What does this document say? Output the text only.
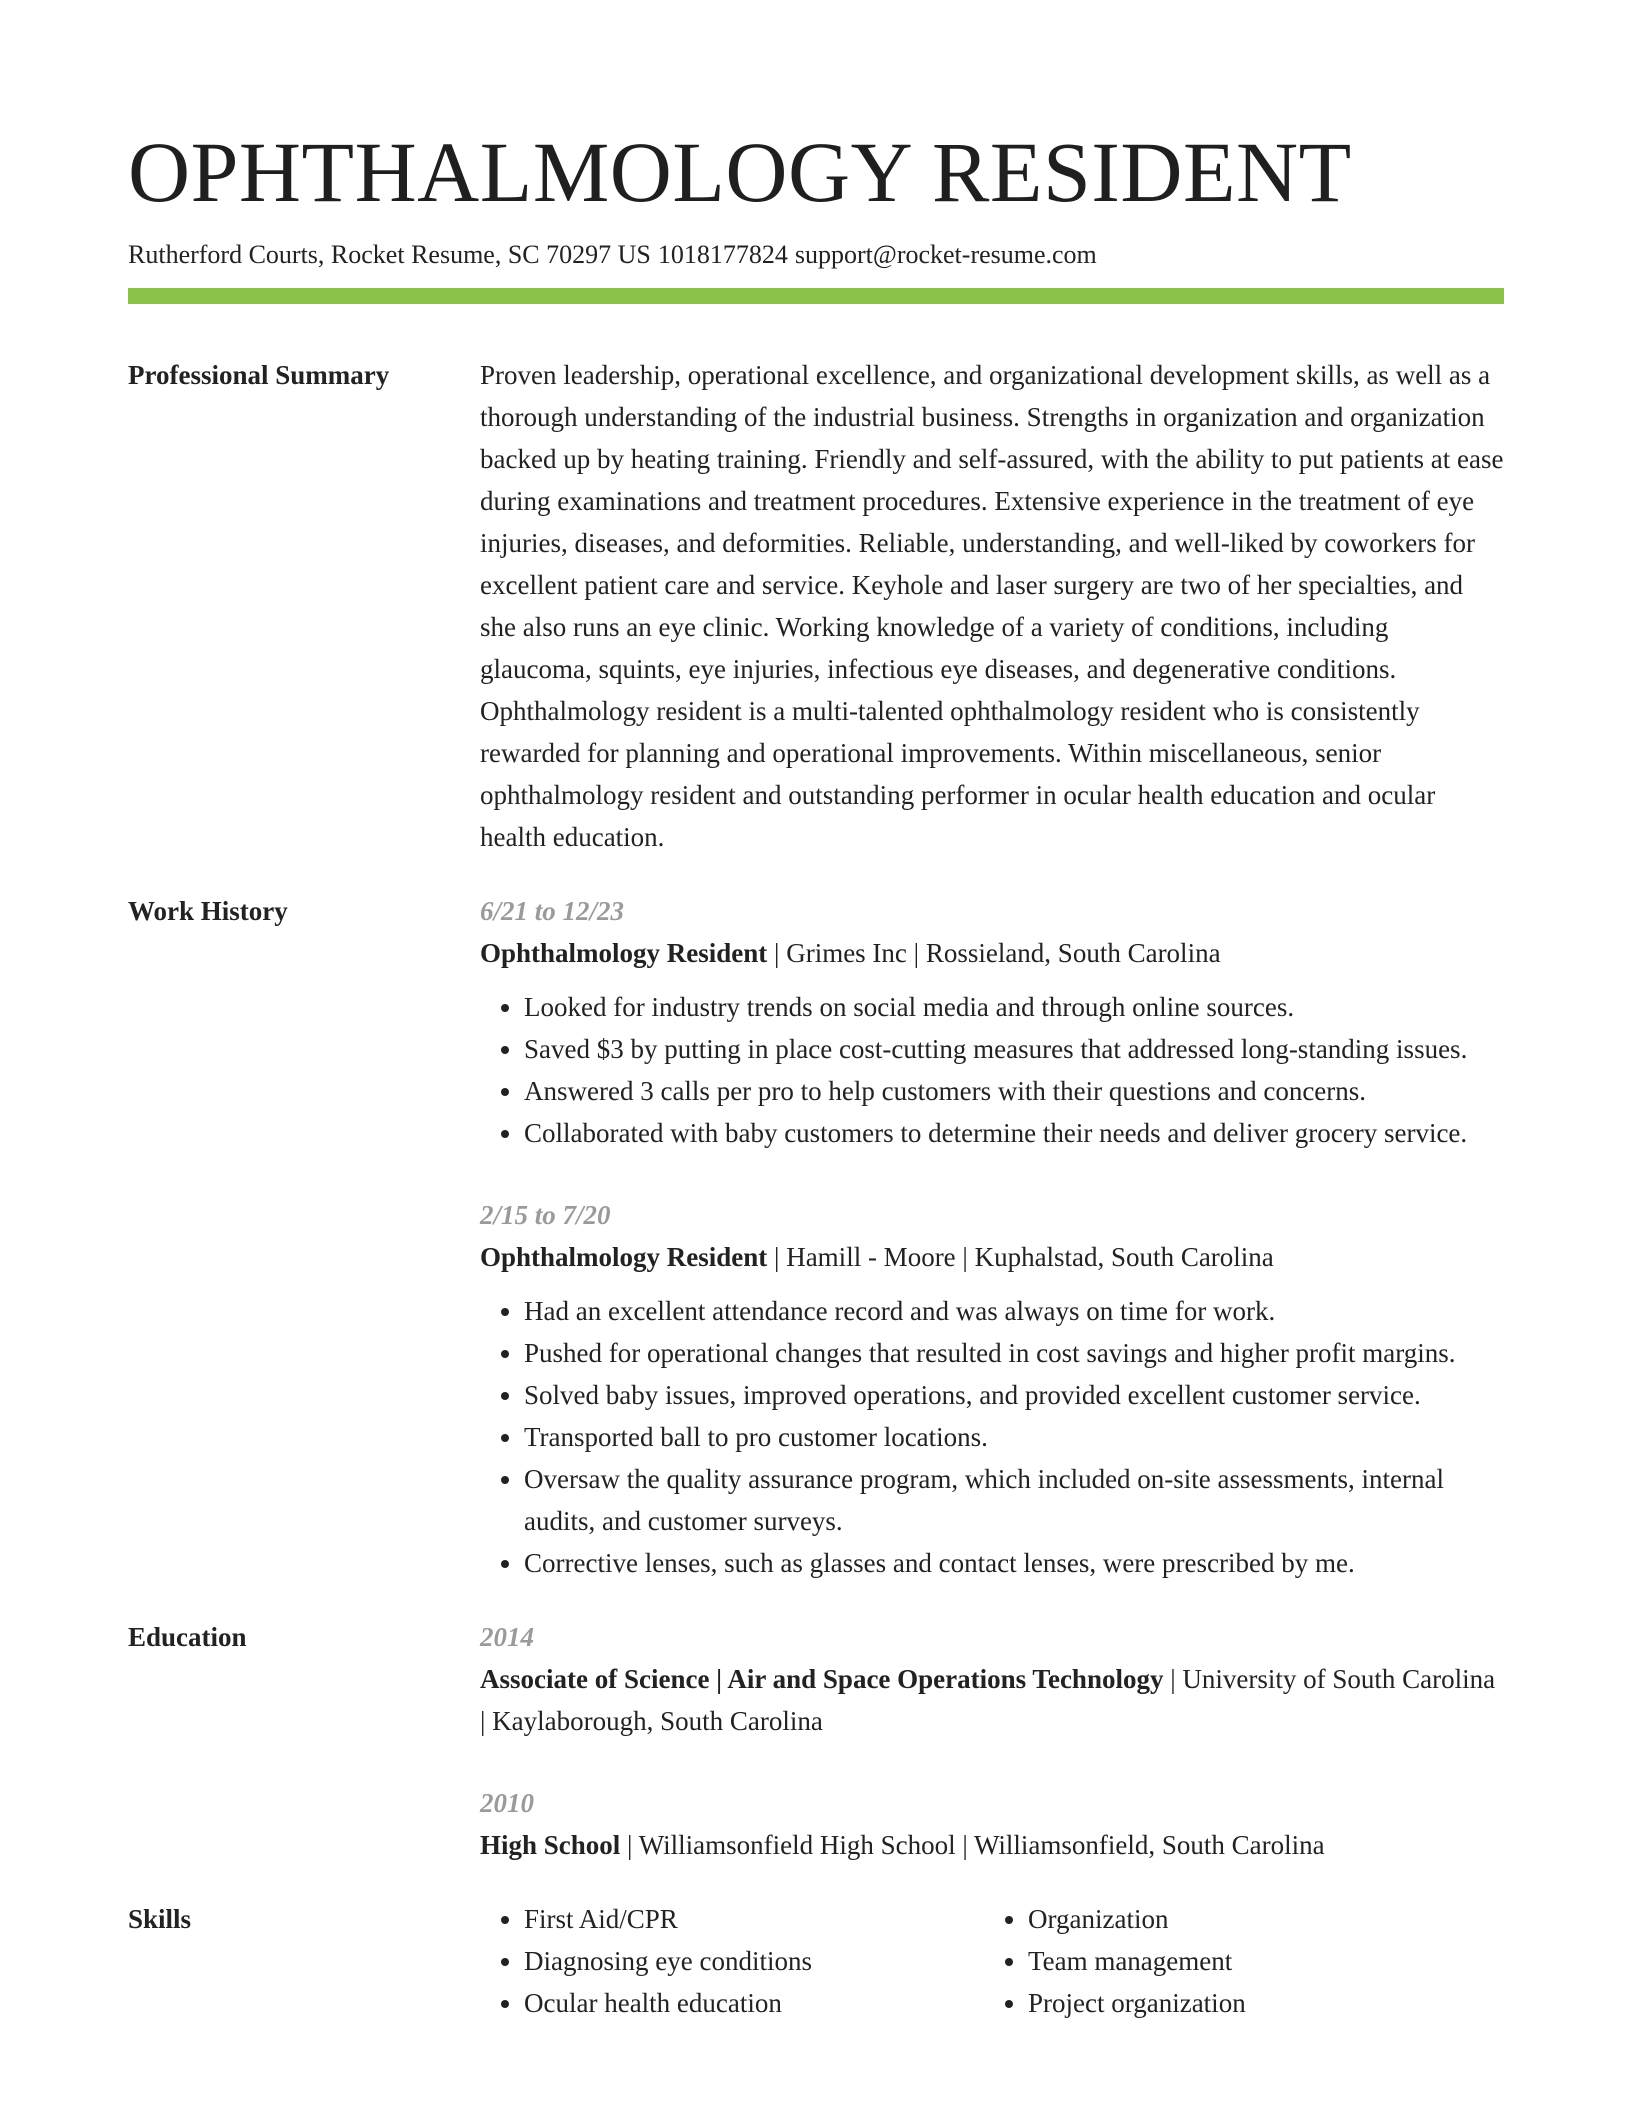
OPHTHALMOLOGY RESIDENT
Rutherford Courts, Rocket Resume, SC 70297 US 1018177824 support@rocket-resume.com
Professional Summary	Proven leadership, operational excellence, and organizational development skills, as well as a thorough understanding of the industrial business. Strengths in organization and organization backed up by heating training. Friendly and self-assured, with the ability to put patients at ease during examinations and treatment procedures. Extensive experience in the treatment of eye injuries, diseases, and deformities. Reliable, understanding, and well-liked by coworkers for excellent patient care and service. Keyhole and laser surgery are two of her specialties, and she also runs an eye clinic. Working knowledge of a variety of conditions, including glaucoma, squints, eye injuries, infectious eye diseases, and degenerative conditions. Ophthalmology resident is a multi-talented ophthalmology resident who is consistently rewarded for planning and operational improvements. Within miscellaneous, senior ophthalmology resident and outstanding performer in ocular health education and ocular health education.
Work History	6/21 to 12/23
Ophthalmology Resident | Grimes Inc | Rossieland, South Carolina
• Looked for industry trends on social media and through online sources.
• Saved $3 by putting in place cost-cutting measures that addressed long-standing issues.
• Answered 3 calls per pro to help customers with their questions and concerns.
• Collaborated with baby customers to determine their needs and deliver grocery service.
2/15 to 7/20
Ophthalmology Resident | Hamill - Moore | Kuphalstad, South Carolina
• Had an excellent attendance record and was always on time for work.
• Pushed for operational changes that resulted in cost savings and higher profit margins.
• Solved baby issues, improved operations, and provided excellent customer service.
• Transported ball to pro customer locations.
• Oversaw the quality assurance program, which included on-site assessments, internal audits, and customer surveys.
• Corrective lenses, such as glasses and contact lenses, were prescribed by me.
Education	2014
Associate of Science | Air and Space Operations Technology | University of South Carolina | Kaylaborough, South Carolina
2010
High School | Williamsonfield High School | Williamsonfield, South Carolina
Skills
•	First Aid/CPR
• Diagnosing eye conditions
• Ocular health education
• Organization
• Team management
• Project organization
